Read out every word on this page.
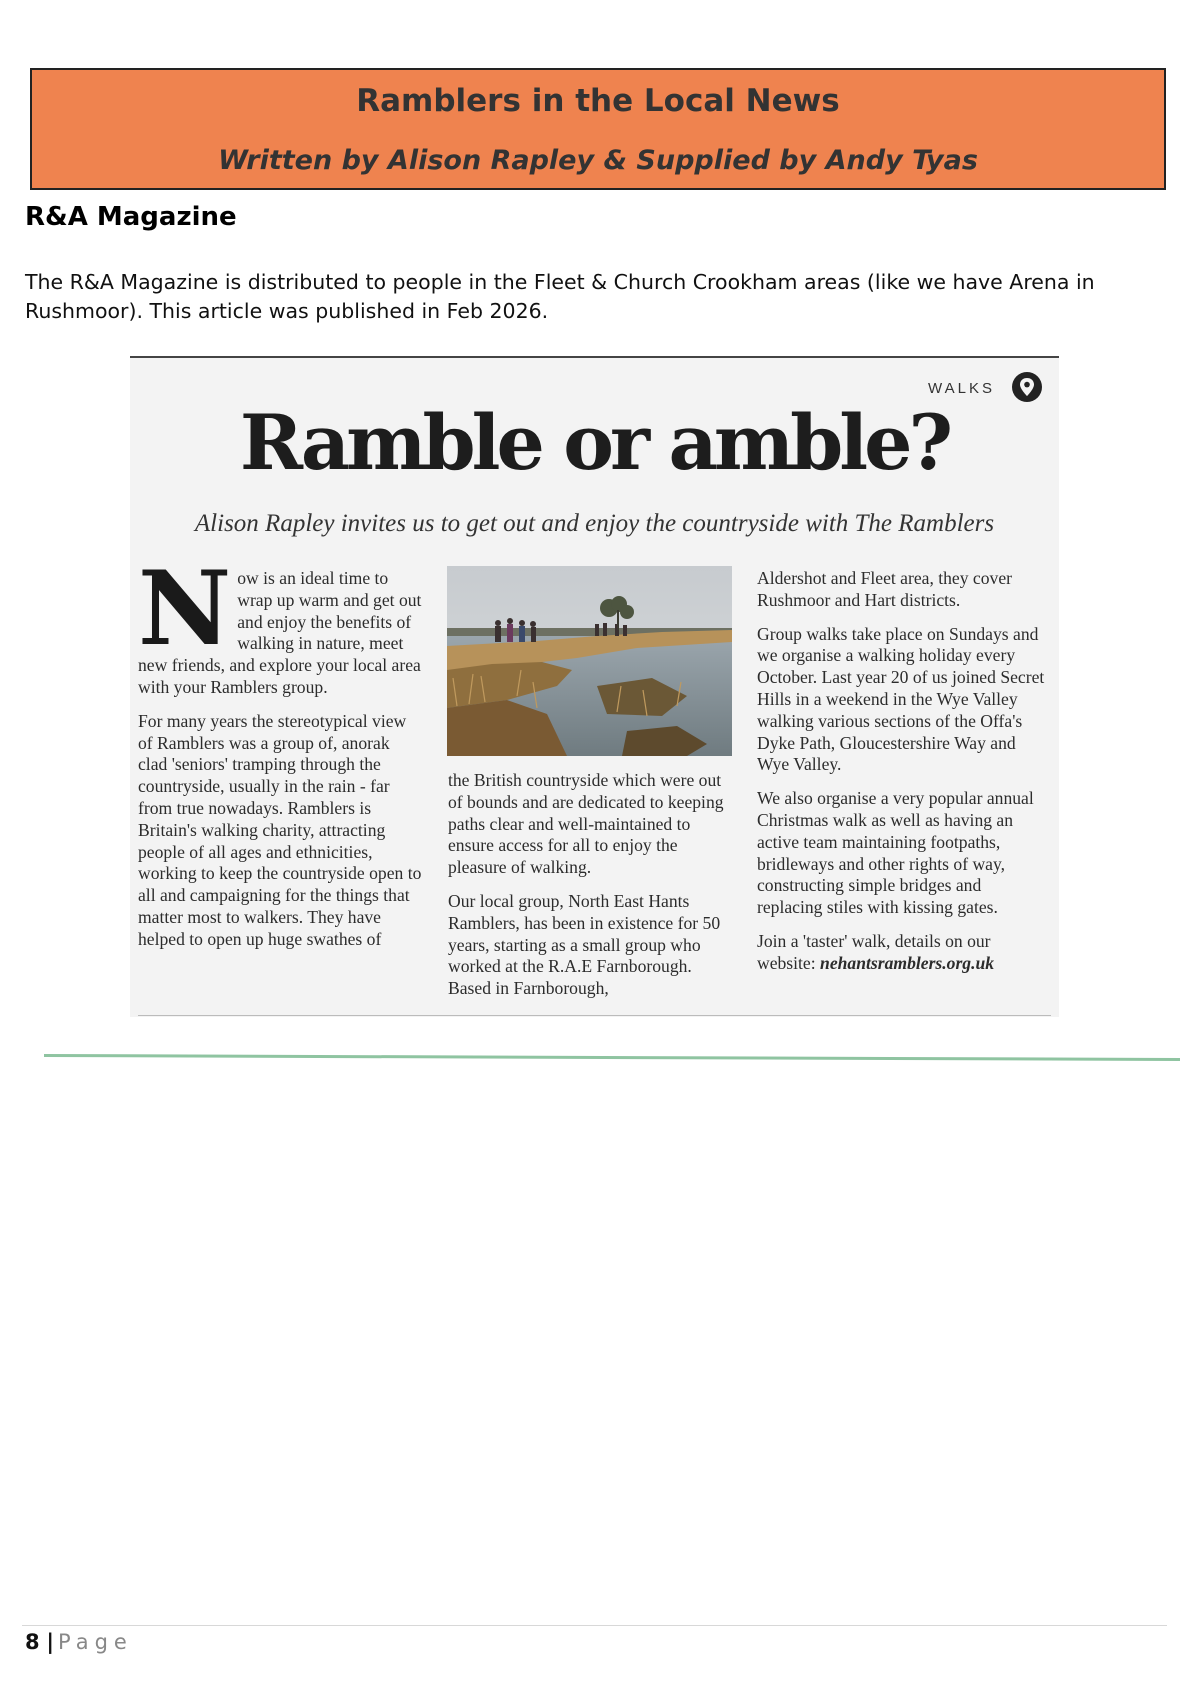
Ramblers in the Local News
Written by Alison Rapley & Supplied by Andy Tyas
R&A Magazine
The R&A Magazine is distributed to people in the Fleet & Church Crookham areas (like we have Arena in Rushmoor). This article was published in Feb 2026.
WALKS
Ramble or amble?
Alison Rapley invites us to get out and enjoy the countryside with The Ramblers

Now is an ideal time to wrap up warm and get out and enjoy the benefits of walking in nature, meet new friends, and explore your local area with your Ramblers group.

For many years the stereotypical view of Ramblers was a group of, anorak clad 'seniors' tramping through the countryside, usually in the rain - far from true nowadays. Ramblers is Britain's walking charity, attracting people of all ages and ethnicities, working to keep the countryside open to all and campaigning for the things that matter most to walkers. They have helped to open up huge swathes of

the British countryside which were out of bounds and are dedicated to keeping paths clear and well-maintained to ensure access for all to enjoy the pleasure of walking.

Our local group, North East Hants Ramblers, has been in existence for 50 years, starting as a small group who worked at the R.A.E Farnborough. Based in Farnborough,

Aldershot and Fleet area, they cover Rushmoor and Hart districts.

Group walks take place on Sundays and we organise a walking holiday every October. Last year 20 of us joined Secret Hills in a weekend in the Wye Valley walking various sections of the Offa's Dyke Path, Gloucestershire Way and Wye Valley.

We also organise a very popular annual Christmas walk as well as having an active team maintaining footpaths, bridleways and other rights of way, constructing simple bridges and replacing stiles with kissing gates.

Join a 'taster' walk, details on our website: nehantsramblers.org.uk

8 | Page
